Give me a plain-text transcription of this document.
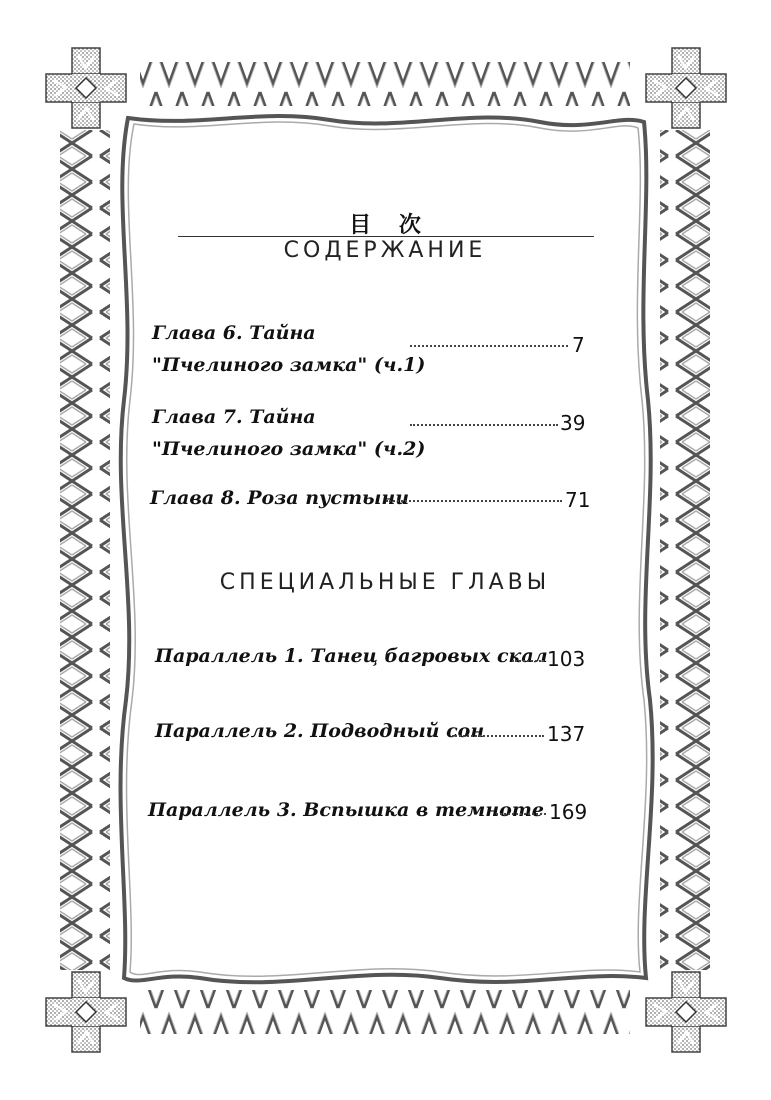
目 次
СОДЕРЖАНИЕ
Глава 6. Тайна
"Пчелиного замка" (ч.1)
7
Глава 7. Тайна
"Пчелиного замка" (ч.2)
39
Глава 8. Роза пустыни	71
СПЕЦИАЛЬНЫЕ ГЛАВЫ
Параллель 1. Танец багровых скал 103
Параллель 2. Подводный сон	137
Параллель 3. Вспышка в темноте 169
